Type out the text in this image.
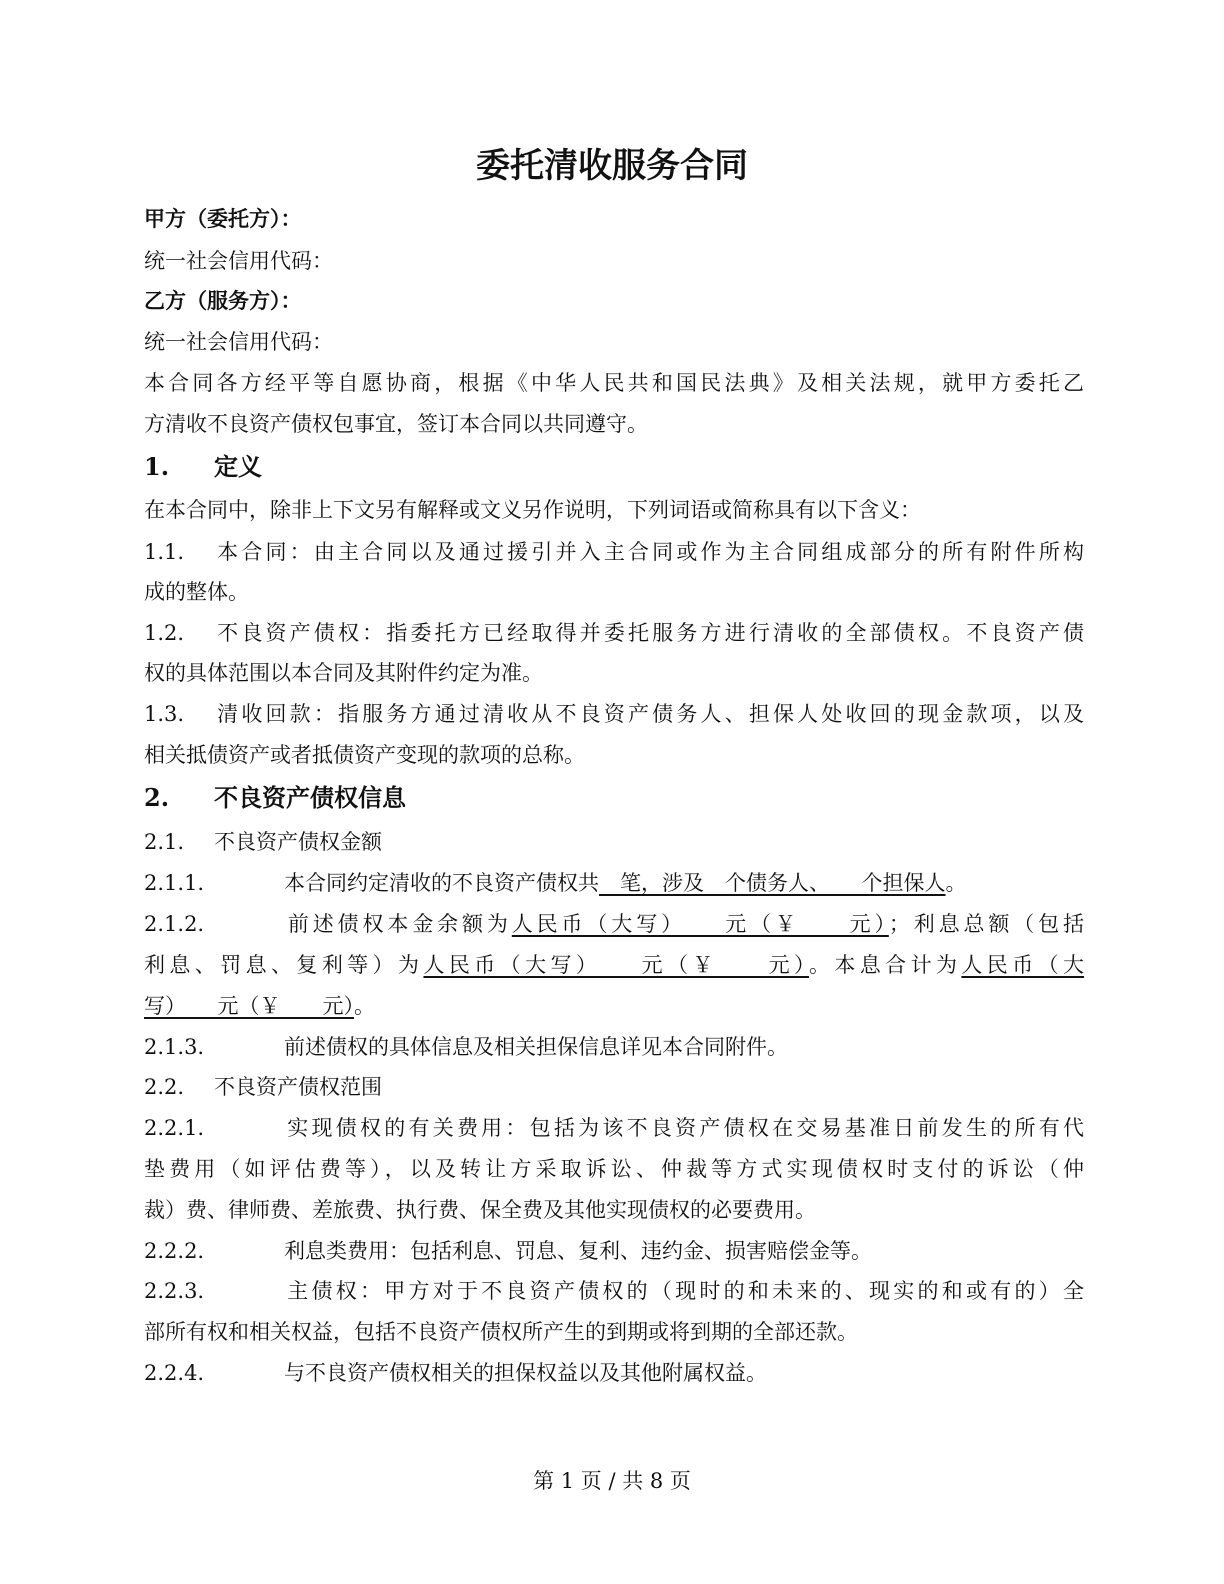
委托清收服务合同
甲方（委托方）：
统一社会信用代码：
乙方（服务方）：
统一社会信用代码：
本合同各方经平等自愿协商，根据《中华人民共和国民法典》及相关法规，就甲方委托乙
方清收不良资产债权包事宜，签订本合同以共同遵守。
1. 定义
在本合同中，除非上下文另有解释或文义另作说明，下列词语或简称具有以下含义：
1.1. 本合同：由主合同以及通过援引并入主合同或作为主合同组成部分的所有附件所构
成的整体。
1.2. 不良资产债权：指委托方已经取得并委托服务方进行清收的全部债权。不良资产债
权的具体范围以本合同及其附件约定为准。
1.3. 清收回款：指服务方通过清收从不良资产债务人、担保人处收回的现金款项，以及
相关抵债资产或者抵债资产变现的款项的总称。
2. 不良资产债权信息
2.1. 不良资产债权金额
2.1.1.	本合同约定清收的不良资产债权共　 笔，涉及　个债务人、　　个担保人。
2.1.2.	前述债权本金余额为人民币（大写）　　元（￥　　元）；利息总额（包括
利息、罚息、复利等）为人民币（大写）　　元（￥　　元）。本息合计为人民币（大
写）　　元（￥　　元）。
2.1.3.	前述债权的具体信息及相关担保信息详见本合同附件。
2.2. 不良资产债权范围
2.2.1.	实现债权的有关费用：包括为该不良资产债权在交易基准日前发生的所有代
垫费用（如评估费等），以及转让方采取诉讼、仲裁等方式实现债权时支付的诉讼（仲
裁）费、律师费、差旅费、执行费、保全费及其他实现债权的必要费用。
2.2.2.	利息类费用：包括利息、罚息、复利、违约金、损害赔偿金等。
2.2.3.	主债权：甲方对于不良资产债权的（现时的和未来的、现实的和或有的）全
部所有权和相关权益，包括不良资产债权所产生的到期或将到期的全部还款。
2.2.4.	与不良资产债权相关的担保权益以及其他附属权益。
第 1 页 / 共 8 页
